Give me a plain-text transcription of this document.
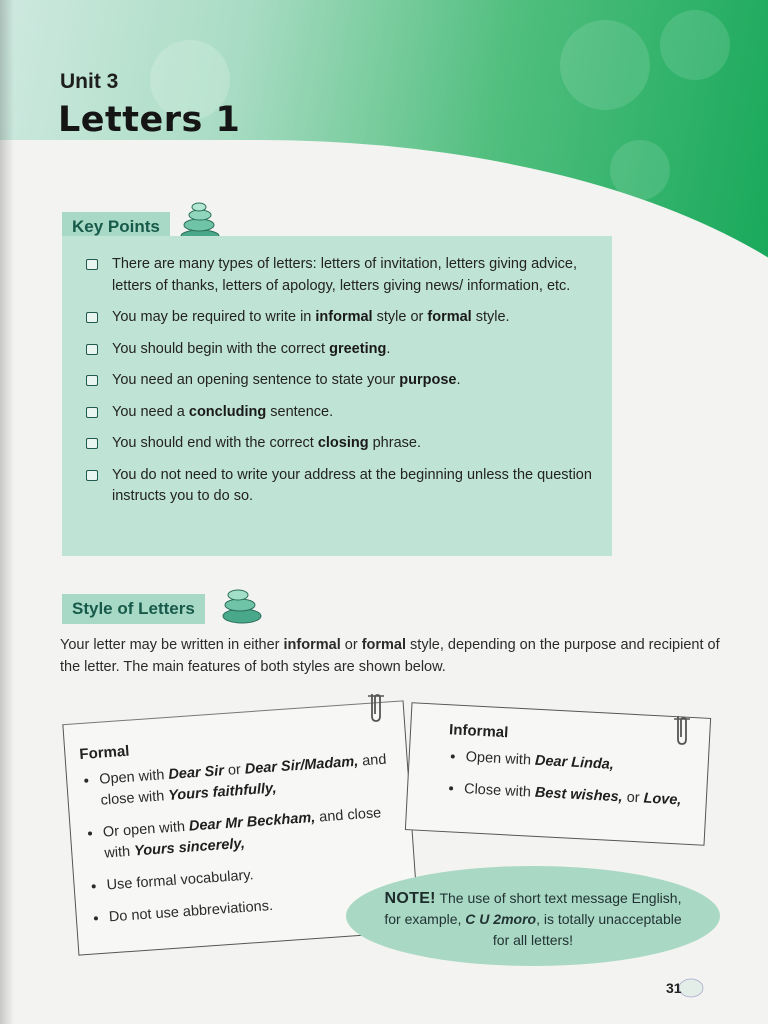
Unit 3
Letters 1
Key Points
There are many types of letters: letters of invitation, letters giving advice, letters of thanks, letters of apology, letters giving news/ information, etc.
You may be required to write in informal style or formal style.
You should begin with the correct greeting.
You need an opening sentence to state your purpose.
You need a concluding sentence.
You should end with the correct closing phrase.
You do not need to write your address at the beginning unless the question instructs you to do so.
Style of Letters
Your letter may be written in either informal or formal style, depending on the purpose and recipient of the letter. The main features of both styles are shown below.
Formal
• Open with Dear Sir or Dear Sir/Madam, and close with Yours faithfully,
• Or open with Dear Mr Beckham, and close with Yours sincerely,
• Use formal vocabulary.
• Do not use abbreviations.
Informal
• Open with Dear Linda,
• Close with Best wishes, or Love,
NOTE! The use of short text message English, for example, C U 2moro, is totally unacceptable for all letters!
31
